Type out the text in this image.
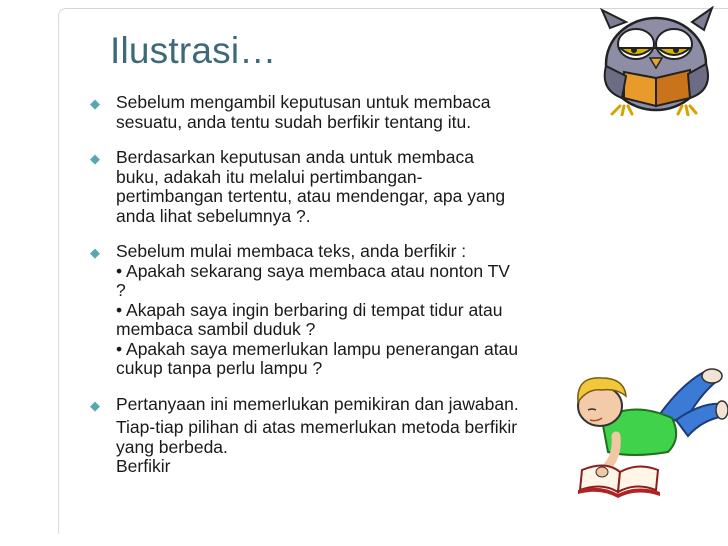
Ilustrasi…
◆ Sebelum mengambil keputusan untuk membaca

sesuatu, anda tentu sudah berfikir tentang itu.

◆ Berdasarkan keputusan anda untuk membaca

buku, adakah itu melalui pertimbangan-

pertimbangan tertentu, atau mendengar, apa yang

anda lihat sebelumnya ?.

◆ Sebelum mulai membaca teks, anda berfikir :

• Apakah sekarang saya membaca atau nonton TV

?

• Akapah saya ingin berbaring di tempat tidur atau

membaca sambil duduk ?

• Apakah saya memerlukan lampu penerangan atau

cukup tanpa perlu lampu ?

◆ Pertanyaan ini memerlukan pemikiran dan jawaban.

Tiap-tiap pilihan di atas memerlukan metoda berfikir

yang berbeda.

Berfikir
